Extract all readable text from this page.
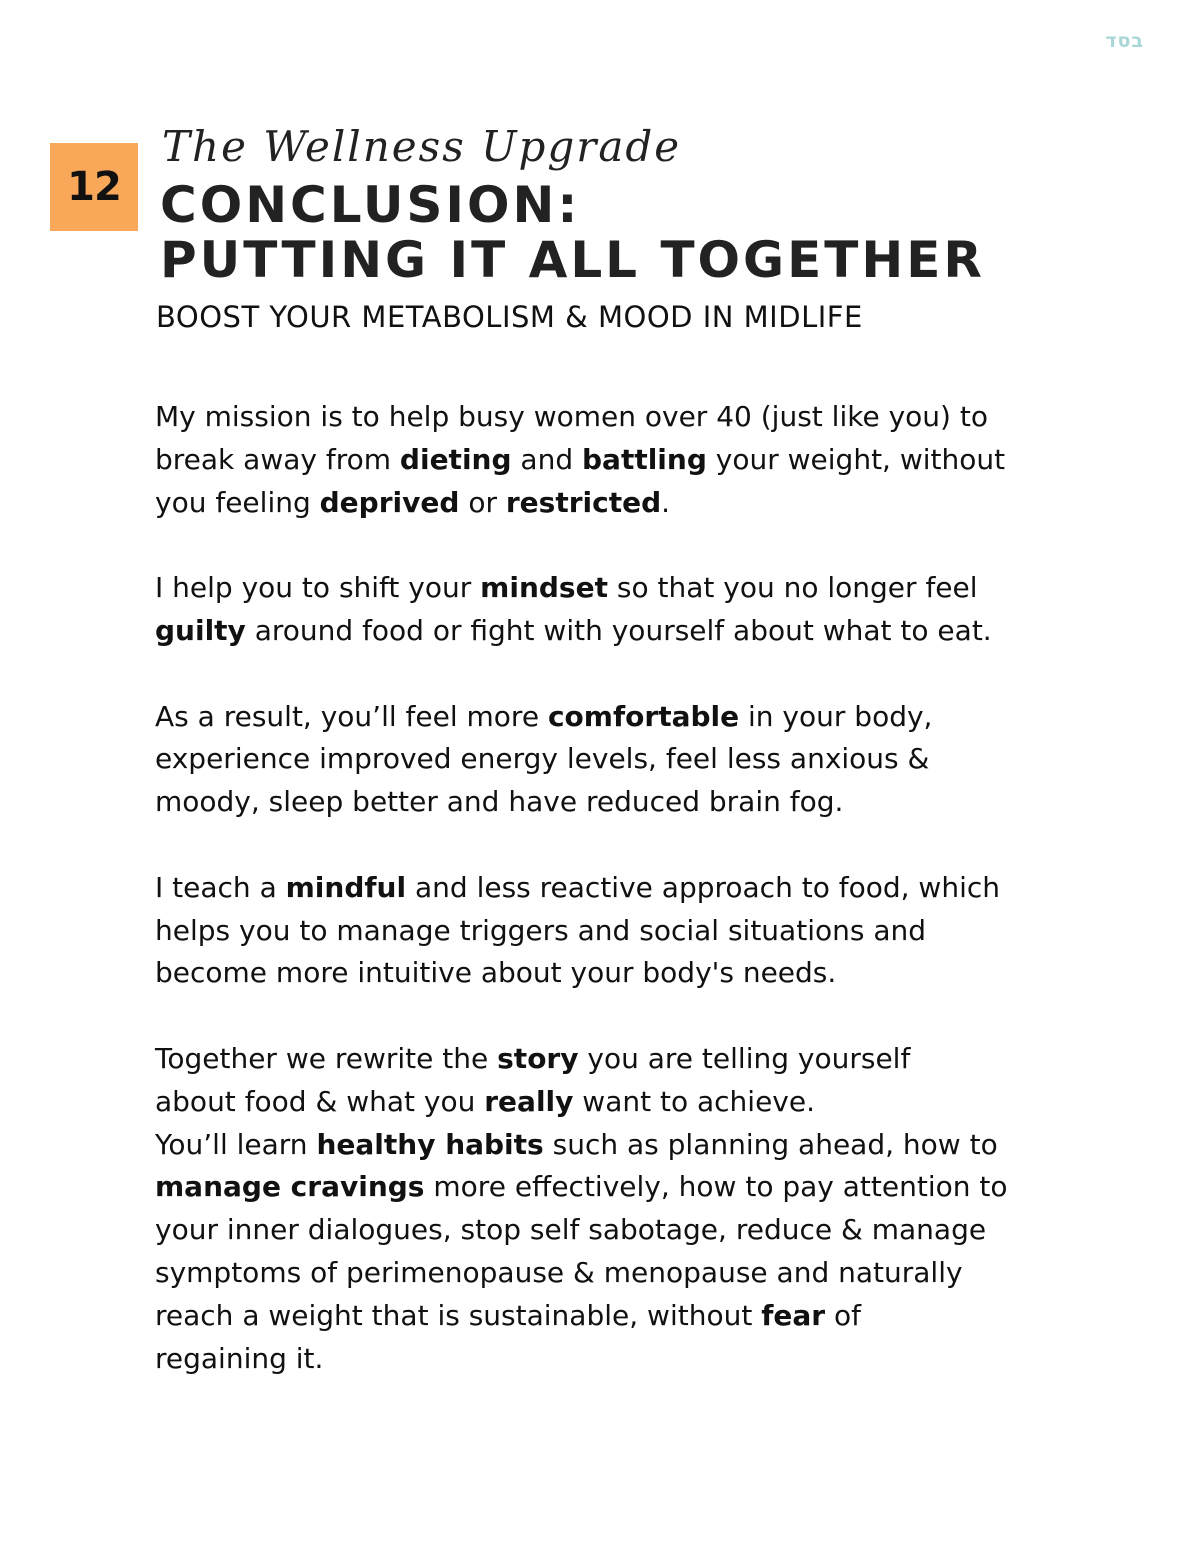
בסד
12
The Wellness Upgrade
CONCLUSION:
PUTTING IT ALL TOGETHER
BOOST YOUR METABOLISM & MOOD IN MIDLIFE

My mission is to help busy women over 40 (just like you) to
break away from dieting and battling your weight, without
you feeling deprived or restricted.

I help you to shift your mindset so that you no longer feel
guilty around food or fight with yourself about what to eat.

As a result, you’ll feel more comfortable in your body,
experience improved energy levels, feel less anxious &
moody, sleep better and have reduced brain fog.

I teach a mindful and less reactive approach to food, which
helps you to manage triggers and social situations and
become more intuitive about your body's needs.

Together we rewrite the story you are telling yourself
about food & what you really want to achieve.
You’ll learn healthy habits such as planning ahead, how to
manage cravings more effectively, how to pay attention to
your inner dialogues, stop self sabotage, reduce & manage
symptoms of perimenopause & menopause and naturally
reach a weight that is sustainable, without fear of
regaining it.
